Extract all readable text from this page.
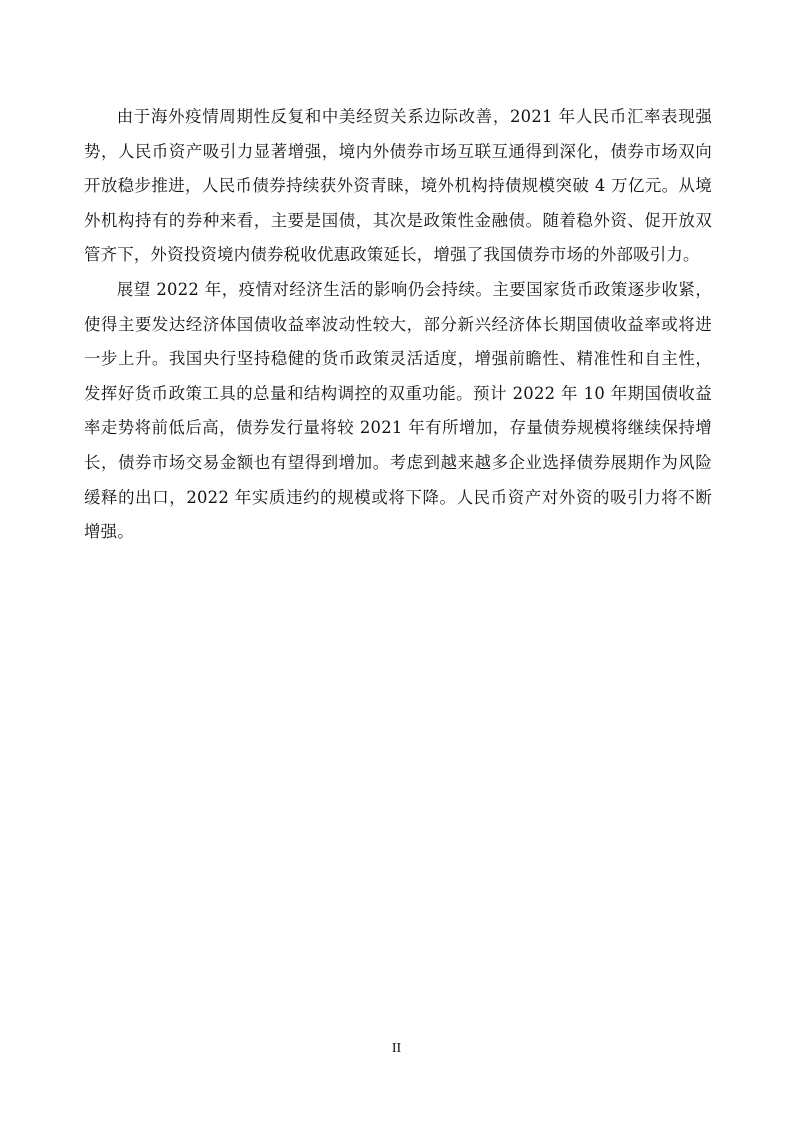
由于海外疫情周期性反复和中美经贸关系边际改善，2021 年人民币汇率表现强势，人民币资产吸引力显著增强，境内外债券市场互联互通得到深化，债券市场双向开放稳步推进，人民币债券持续获外资青睐，境外机构持债规模突破 4 万亿元。从境外机构持有的券种来看，主要是国债，其次是政策性金融债。随着稳外资、促开放双管齐下，外资投资境内债券税收优惠政策延长，增强了我国债券市场的外部吸引力。

展望 2022 年，疫情对经济生活的影响仍会持续。主要国家货币政策逐步收紧，使得主要发达经济体国债收益率波动性较大，部分新兴经济体长期国债收益率或将进一步上升。我国央行坚持稳健的货币政策灵活适度，增强前瞻性、精准性和自主性，发挥好货币政策工具的总量和结构调控的双重功能。预计 2022 年 10 年期国债收益率走势将前低后高，债券发行量将较 2021 年有所增加，存量债券规模将继续保持增长，债券市场交易金额也有望得到增加。考虑到越来越多企业选择债券展期作为风险缓释的出口，2022 年实质违约的规模或将下降。人民币资产对外资的吸引力将不断增强。

II
